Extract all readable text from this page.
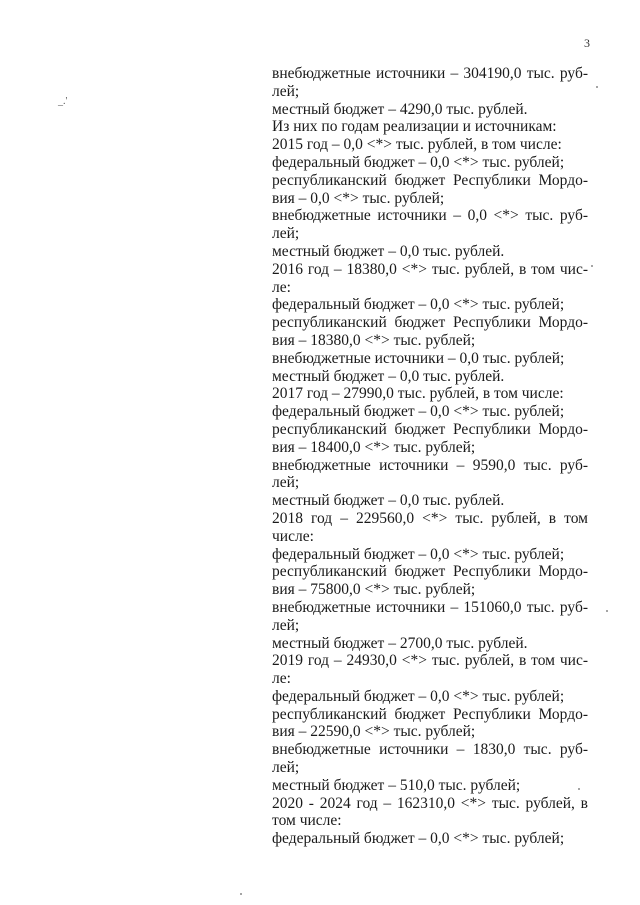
3
_.'
внебюджетные источники – 304190,0 тыс. руб-
лей;
местный бюджет – 4290,0 тыс. рублей.
Из них по годам реализации и источникам:
2015 год – 0,0 <*> тыс. рублей, в том числе:
федеральный бюджет – 0,0 <*> тыс. рублей;
республиканский бюджет Республики Мордо-
вия – 0,0 <*> тыс. рублей;
внебюджетные источники – 0,0 <*> тыс. руб-
лей;
местный бюджет – 0,0 тыс. рублей.
2016 год – 18380,0 <*> тыс. рублей, в том чис-
ле:
федеральный бюджет – 0,0 <*> тыс. рублей;
республиканский бюджет Республики Мордо-
вия – 18380,0 <*> тыс. рублей;
внебюджетные источники – 0,0 тыс. рублей;
местный бюджет – 0,0 тыс. рублей.
2017 год – 27990,0 тыс. рублей, в том числе:
федеральный бюджет – 0,0 <*> тыс. рублей;
республиканский бюджет Республики Мордо-
вия – 18400,0 <*> тыс. рублей;
внебюджетные источники – 9590,0 тыс. руб-
лей;
местный бюджет – 0,0 тыс. рублей.
2018 год – 229560,0 <*> тыс. рублей, в том
числе:
федеральный бюджет – 0,0 <*> тыс. рублей;
республиканский бюджет Республики Мордо-
вия – 75800,0 <*> тыс. рублей;
внебюджетные источники – 151060,0 тыс. руб-
лей;
местный бюджет – 2700,0 тыс. рублей.
2019 год – 24930,0 <*> тыс. рублей, в том чис-
ле:
федеральный бюджет – 0,0 <*> тыс. рублей;
республиканский бюджет Республики Мордо-
вия – 22590,0 <*> тыс. рублей;
внебюджетные источники – 1830,0 тыс. руб-
лей;
местный бюджет – 510,0 тыс. рублей;
2020 - 2024 год – 162310,0 <*> тыс. рублей, в
том числе:
федеральный бюджет – 0,0 <*> тыс. рублей;
